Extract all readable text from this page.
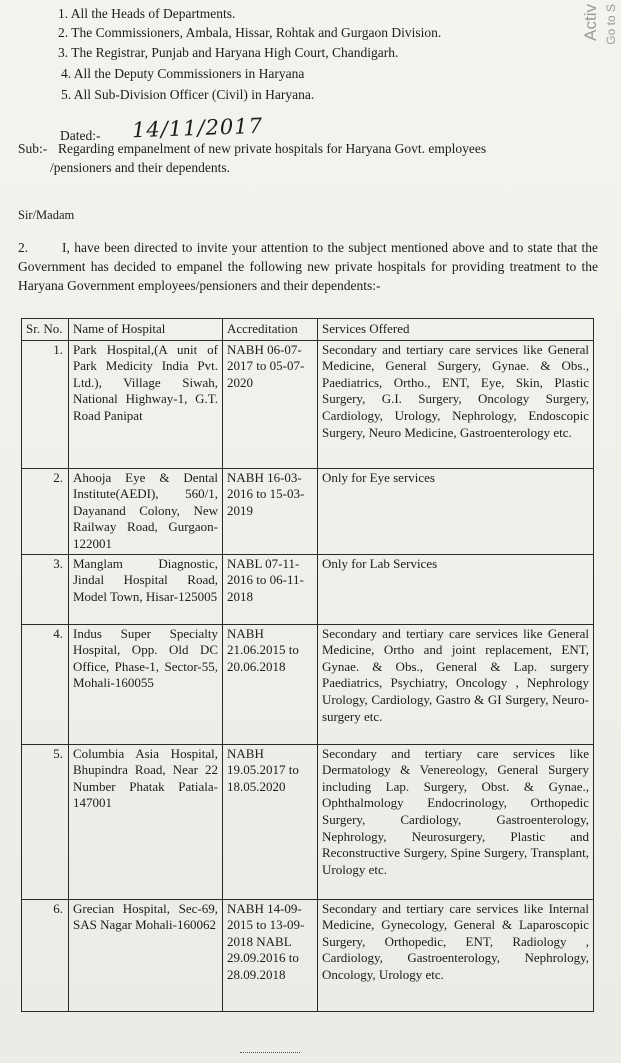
1. All the Heads of Departments.
2. The Commissioners, Ambala, Hissar, Rohtak and Gurgaon Division.
3. The Registrar, Punjab and Haryana High Court, Chandigarh.
4. All the Deputy Commissioners in Haryana
5. All Sub-Division Officer (Civil) in Haryana.
Activ Go to S
Dated:- 14/11/2017
Sub:- Regarding empanelment of new private hospitals for Haryana Govt. employees
/pensioners and their dependents.
Sir/Madam
2.	I, have been directed to invite your attention to the subject mentioned above and to state that the Government has decided to empanel the following new private hospitals for providing treatment to the Haryana Government employees/pensioners and their dependents:-
Sr. No.	Name of Hospital	Accreditation	Services Offered
1.	Park Hospital,(A unit of Park Medicity India Pvt. Ltd.), Village Siwah, National Highway-1, G.T. Road Panipat	NABH 06-07-2017 to 05-07-2020	Secondary and tertiary care services like General Medicine, General Surgery, Gynae. & Obs., Paediatrics, Ortho., ENT, Eye, Skin, Plastic Surgery, G.I. Surgery, Oncology Surgery, Cardiology, Urology, Nephrology, Endoscopic Surgery, Neuro Medicine, Gastroenterology etc.
2.	Ahooja Eye & Dental Institute(AEDI), 560/1, Dayanand Colony, New Railway Road, Gurgaon-122001	NABH 16-03-2016 to 15-03-2019	Only for Eye services
3.	Manglam Diagnostic, Jindal Hospital Road, Model Town, Hisar-125005	NABL 07-11-2016 to 06-11-2018	Only for Lab Services
4.	Indus Super Specialty Hospital, Opp. Old DC Office, Phase-1, Sector-55, Mohali-160055	NABH 21.06.2015 to 20.06.2018	Secondary and tertiary care services like General Medicine, Ortho and joint replacement, ENT, Gynae. & Obs., General & Lap. surgery Paediatrics, Psychiatry, Oncology , Nephrology Urology, Cardiology, Gastro & GI Surgery, Neuro-surgery etc.
5.	Columbia Asia Hospital, Bhupindra Road, Near 22 Number Phatak Patiala-147001	NABH 19.05.2017 to 18.05.2020	Secondary and tertiary care services like Dermatology & Venereology, General Surgery including Lap. Surgery, Obst. & Gynae., Ophthalmology Endocrinology, Orthopedic Surgery, Cardiology, Gastroenterology, Nephrology, Neurosurgery, Plastic and Reconstructive Surgery, Spine Surgery, Transplant, Urology etc.
6.	Grecian Hospital, Sec-69, SAS Nagar Mohali-160062	NABH 14-09-2015 to 13-09-2018 NABL 29.09.2016 to 28.09.2018	Secondary and tertiary care services like Internal Medicine, Gynecology, General & Laparoscopic Surgery, Orthopedic, ENT, Radiology , Cardiology, Gastroenterology, Nephrology, Oncology, Urology etc.
